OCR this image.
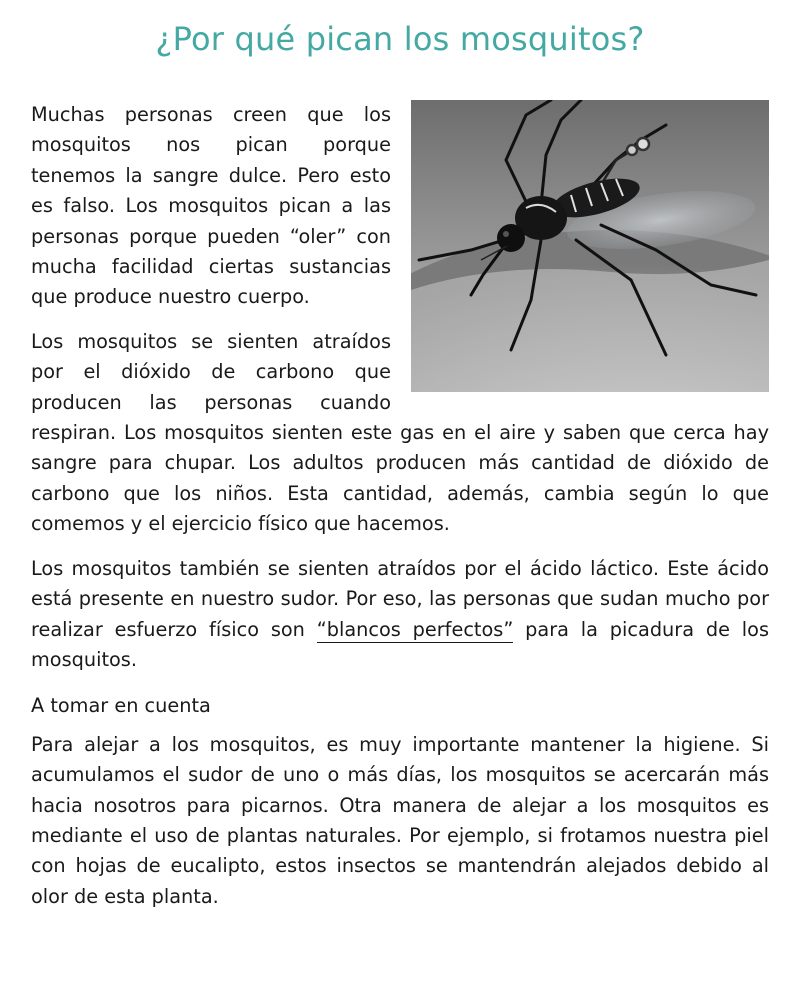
¿Por qué pican los mosquitos?

Muchas personas creen que los mosquitos nos pican porque tenemos la sangre dulce. Pero esto es falso. Los mosquitos pican a las personas porque pueden “oler” con mucha facilidad ciertas sustancias que produce nuestro cuerpo.

Los mosquitos se sienten atraídos por el dióxido de carbono que producen las personas cuando respiran. Los mosquitos sienten este gas en el aire y saben que cerca hay sangre para chupar. Los adultos producen más cantidad de dióxido de carbono que los niños. Esta cantidad, además, cambia según lo que comemos y el ejercicio físico que hacemos.

Los mosquitos también se sienten atraídos por el ácido láctico. Este ácido está presente en nuestro sudor. Por eso, las personas que sudan mucho por realizar esfuerzo físico son “blancos perfectos” para la picadura de los mosquitos.

A tomar en cuenta

Para alejar a los mosquitos, es muy importante mantener la higiene. Si acumulamos el sudor de uno o más días, los mosquitos se acercarán más hacia nosotros para picarnos. Otra manera de alejar a los mosquitos es mediante el uso de plantas naturales. Por ejemplo, si frotamos nuestra piel con hojas de eucalipto, estos insectos se mantendrán alejados debido al olor de esta planta.
